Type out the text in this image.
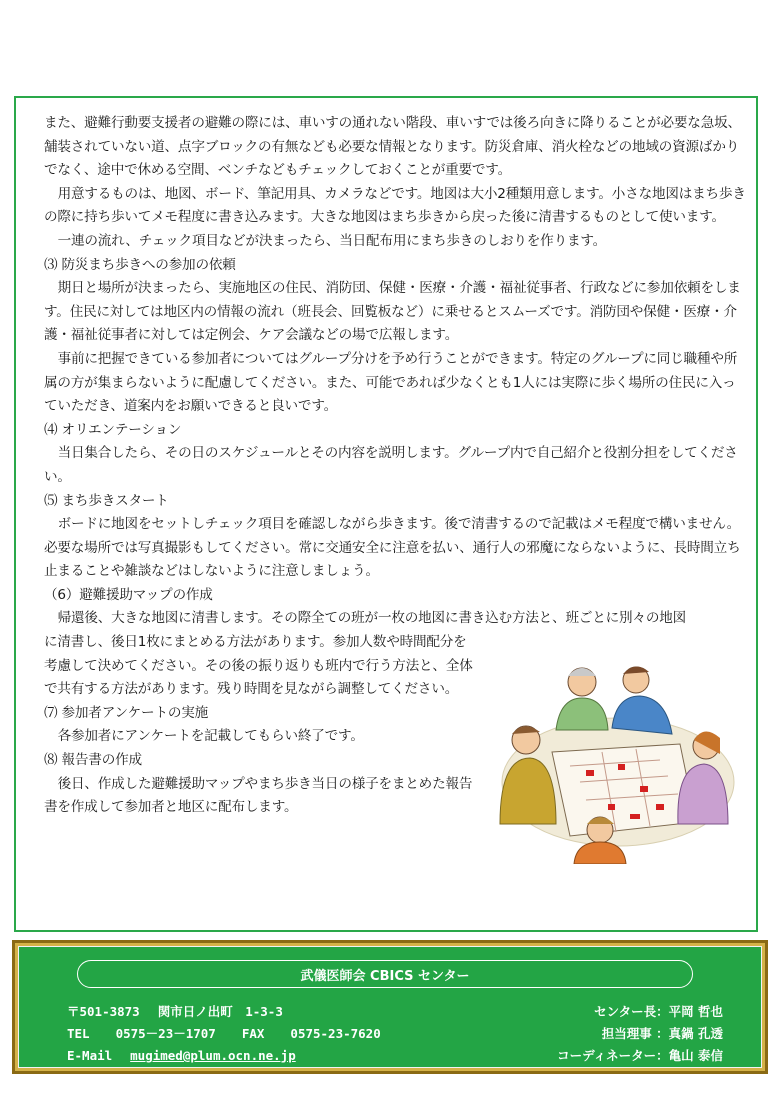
また、避難行動要支援者の避難の際には、車いすの通れない階段、車いすでは後ろ向きに降りることが必要な急坂、舗装されていない道、点字ブロックの有無なども必要な情報となります。防災倉庫、消火栓などの地域の資源ばかりでなく、途中で休める空間、ベンチなどもチェックしておくことが重要です。

用意するものは、地図、ボード、筆記用具、カメラなどです。地図は大小2種類用意します。小さな地図はまち歩きの際に持ち歩いてメモ程度に書き込みます。大きな地図はまち歩きから戻った後に清書するものとして使います。

一連の流れ、チェック項目などが決まったら、当日配布用にまち歩きのしおりを作ります。

⑶ 防災まち歩きへの参加の依頼

期日と場所が決まったら、実施地区の住民、消防団、保健・医療・介護・福祉従事者、行政などに参加依頼をします。住民に対しては地区内の情報の流れ（班長会、回覧板など）に乗せるとスムーズです。消防団や保健・医療・介護・福祉従事者に対しては定例会、ケア会議などの場で広報します。

事前に把握できている参加者についてはグループ分けを予め行うことができます。特定のグループに同じ職種や所属の方が集まらないように配慮してください。また、可能であれば少なくとも1人には実際に歩く場所の住民に入っていただき、道案内をお願いできると良いです。

⑷ オリエンテーション

当日集合したら、その日のスケジュールとその内容を説明します。グループ内で自己紹介と役割分担をしてください。

⑸ まち歩きスタート

ボードに地図をセットしチェック項目を確認しながら歩きます。後で清書するので記載はメモ程度で構いません。必要な場所では写真撮影もしてください。常に交通安全に注意を払い、通行人の邪魔にならないように、長時間立ち止まることや雑談などはしないように注意しましょう。

（6）避難援助マップの作成

帰還後、大きな地図に清書します。その際全ての班が一枚の地図に書き込む方法と、班ごとに別々の地図

に清書し、後日1枚にまとめる方法があります。参加人数や時間配分を考慮して決めてください。その後の振り返りも班内で行う方法と、全体で共有する方法があります。残り時間を見ながら調整してください。

⑺ 参加者アンケートの実施

各参加者にアンケートを記載してもらい終了です。

⑻ 報告書の作成

後日、作成した避難援助マップやまち歩き当日の様子をまとめた報告書を作成して参加者と地区に配布します。

武儀医師会 CBICS センター
〒501-3873 関市日ノ出町　1-3-3
TEL 0575－23－1707 FAX 0575-23-7620
E-Mail mugimed@plum.ocn.ne.jp
センター長：平岡 哲也
担当理事 ：真鍋 孔透
コーディネーター：亀山 泰信
